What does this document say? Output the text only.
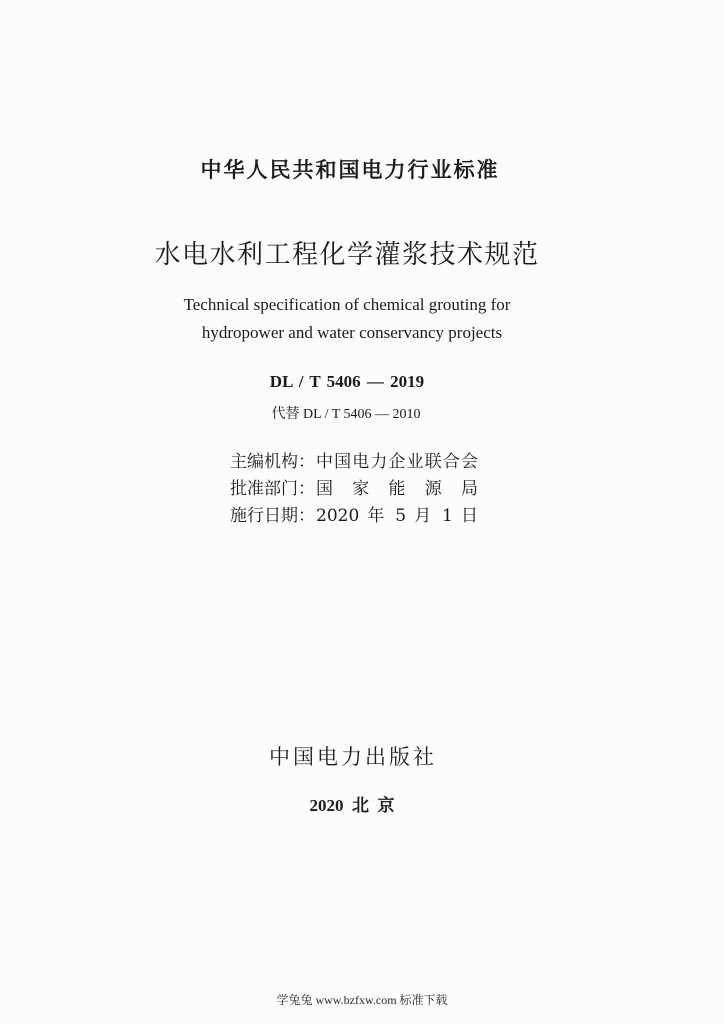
中华人民共和国电力行业标准
水电水利工程化学灌浆技术规范
Technical specification of chemical grouting for
hydropower and water conservancy projects
DL / T 5406 — 2019
代替 DL / T 5406 — 2010
主编机构：中国电力企业联合会
批准部门：国 家 能 源 局
施行日期：2020 年 5 月 1 日
中国电力出版社
2020  北  京
学兔兔 www.bzfxw.com 标准下载
